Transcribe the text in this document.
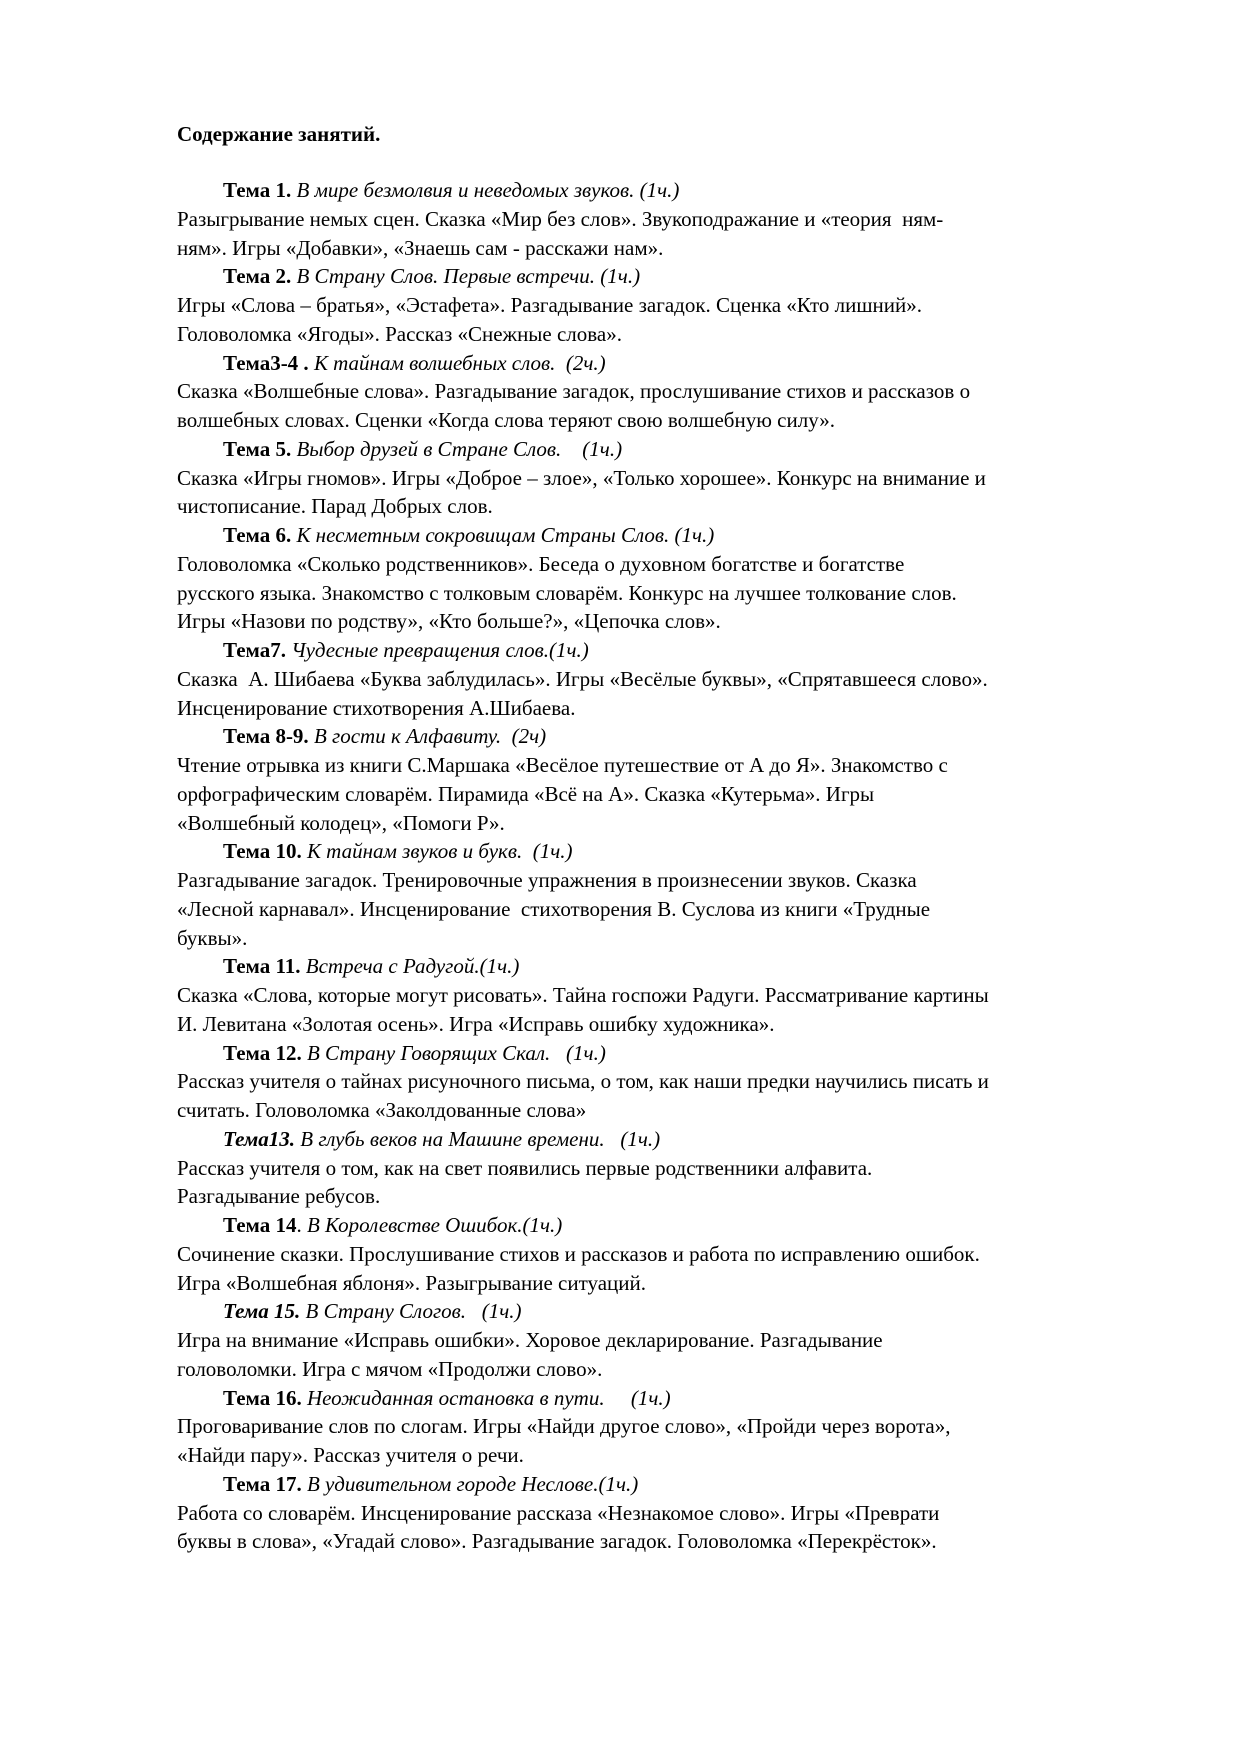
Содержание занятий.
Тема 1. В мире безмолвия и неведомых звуков. (1ч.)
Разыгрывание немых сцен. Сказка «Мир без слов». Звукоподражание и «теория  ням-
ням». Игры «Добавки», «Знаешь сам - расскажи нам».
Тема 2. В Страну Слов. Первые встречи. (1ч.)
Игры «Слова – братья», «Эстафета». Разгадывание загадок. Сценка «Кто лишний».
Головоломка «Ягоды». Рассказ «Снежные слова».
Тема3-4 . К тайнам волшебных слов.  (2ч.)
Сказка «Волшебные слова». Разгадывание загадок, прослушивание стихов и рассказов о
волшебных словах. Сценки «Когда слова теряют свою волшебную силу».
Тема 5. Выбор друзей в Стране Слов.    (1ч.)
Сказка «Игры гномов». Игры «Доброе – злое», «Только хорошее». Конкурс на внимание и
чистописание. Парад Добрых слов.
Тема 6. К несметным сокровищам Страны Слов. (1ч.)
Головоломка «Сколько родственников». Беседа о духовном богатстве и богатстве
русского языка. Знакомство с толковым словарём. Конкурс на лучшее толкование слов.
Игры «Назови по родству», «Кто больше?», «Цепочка слов».
Тема7. Чудесные превращения слов.(1ч.)
Сказка  А. Шибаева «Буква заблудилась». Игры «Весёлые буквы», «Спрятавшееся слово».
Инсценирование стихотворения А.Шибаева.
Тема 8-9. В гости к Алфавиту.  (2ч)
Чтение отрывка из книги С.Маршака «Весёлое путешествие от А до Я». Знакомство с
орфографическим словарём. Пирамида «Всё на А». Сказка «Кутерьма». Игры
«Волшебный колодец», «Помоги Р».
Тема 10. К тайнам звуков и букв.  (1ч.)
Разгадывание загадок. Тренировочные упражнения в произнесении звуков. Сказка
«Лесной карнавал». Инсценирование  стихотворения В. Суслова из книги «Трудные
буквы».
Тема 11. Встреча с Радугой.(1ч.)
Сказка «Слова, которые могут рисовать». Тайна госпожи Радуги. Рассматривание картины
И. Левитана «Золотая осень». Игра «Исправь ошибку художника».
Тема 12. В Страну Говорящих Скал.   (1ч.)
Рассказ учителя о тайнах рисуночного письма, о том, как наши предки научились писать и
считать. Головоломка «Заколдованные слова»
Тема13. В глубь веков на Машине времени.   (1ч.)
Рассказ учителя о том, как на свет появились первые родственники алфавита.
Разгадывание ребусов.
Тема 14. В Королевстве Ошибок.(1ч.)
Сочинение сказки. Прослушивание стихов и рассказов и работа по исправлению ошибок.
Игра «Волшебная яблоня». Разыгрывание ситуаций.
Тема 15. В Страну Слогов.   (1ч.)
Игра на внимание «Исправь ошибки». Хоровое декларирование. Разгадывание
головоломки. Игра с мячом «Продолжи слово».
Тема 16. Неожиданная остановка в пути.     (1ч.)
Проговаривание слов по слогам. Игры «Найди другое слово», «Пройди через ворота»,
«Найди пару». Рассказ учителя о речи.
Тема 17. В удивительном городе Неслове.(1ч.)
Работа со словарём. Инсценирование рассказа «Незнакомое слово». Игры «Преврати
буквы в слова», «Угадай слово». Разгадывание загадок. Головоломка «Перекрёсток».
